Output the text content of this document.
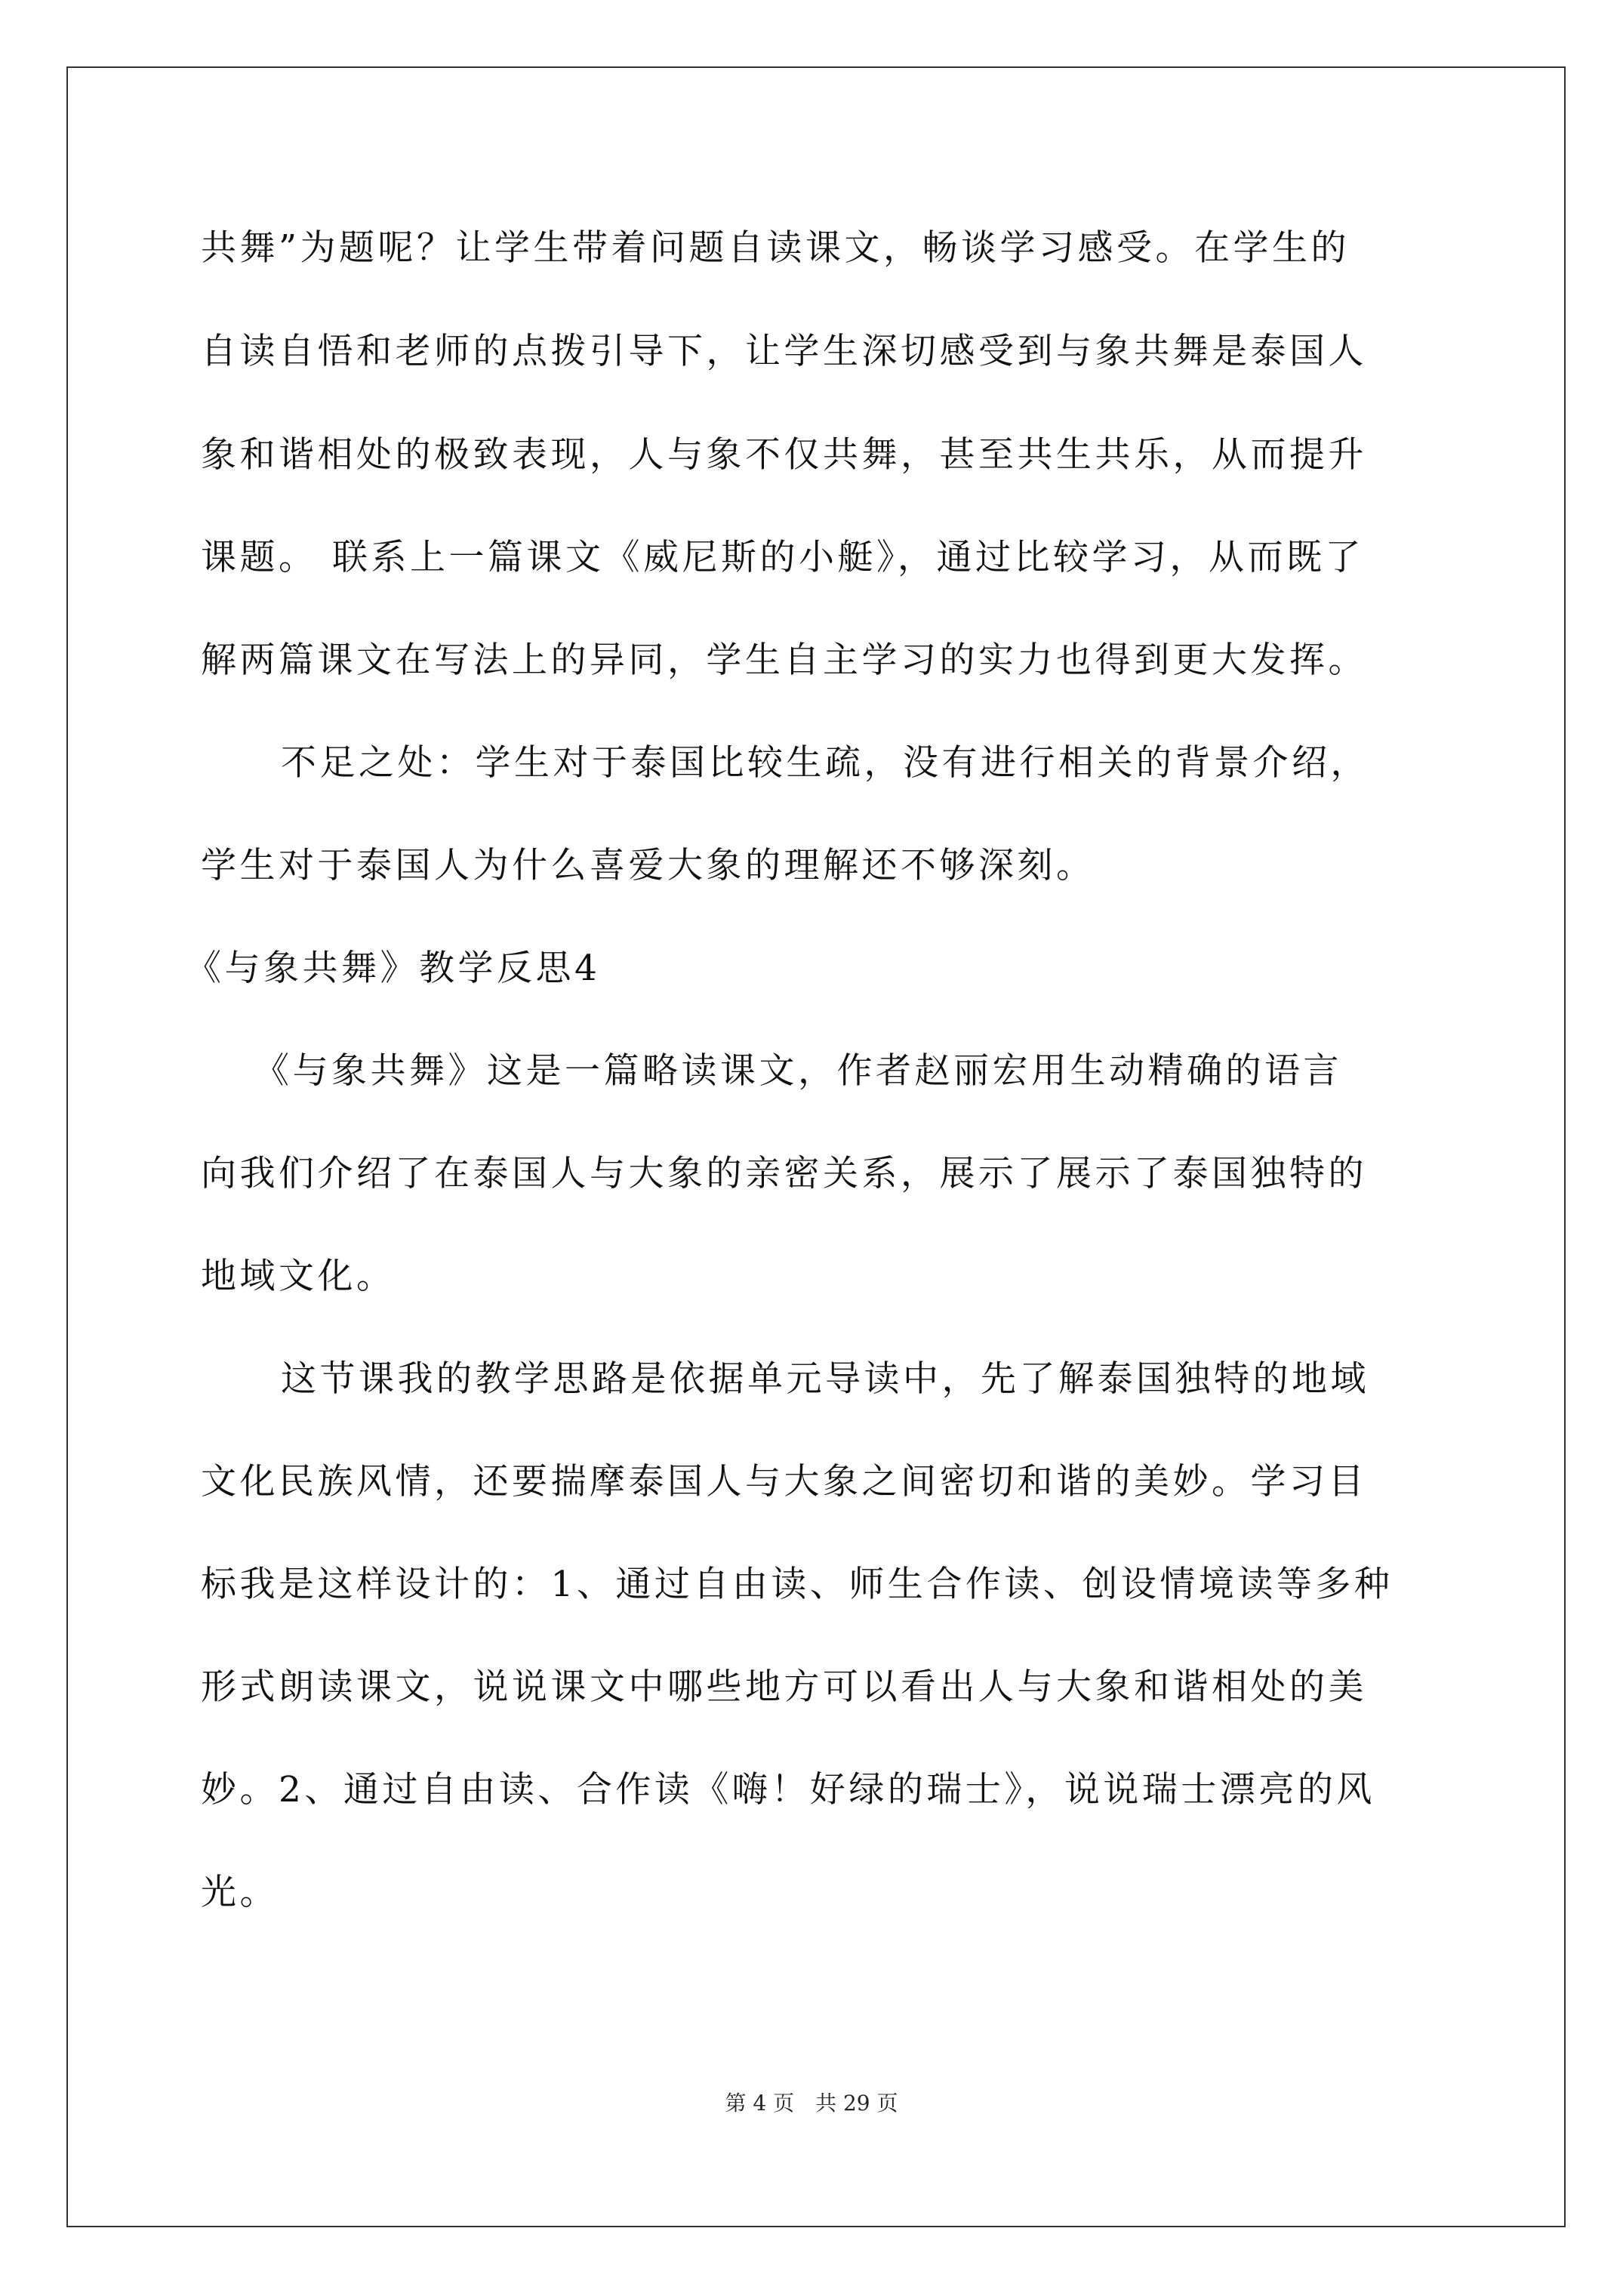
共舞”为题呢？让学生带着问题自读课文，畅谈学习感受。在学生的
自读自悟和老师的点拨引导下，让学生深切感受到与象共舞是泰国人
象和谐相处的极致表现，人与象不仅共舞，甚至共生共乐，从而提升
课题。 联系上一篇课文《威尼斯的小艇》，通过比较学习，从而既了
解两篇课文在写法上的异同，学生自主学习的实力也得到更大发挥。
不足之处：学生对于泰国比较生疏，没有进行相关的背景介绍，
学生对于泰国人为什么喜爱大象的理解还不够深刻。
《与象共舞》教学反思4
《与象共舞》这是一篇略读课文，作者赵丽宏用生动精确的语言
向我们介绍了在泰国人与大象的亲密关系，展示了展示了泰国独特的
地域文化。
这节课我的教学思路是依据单元导读中，先了解泰国独特的地域
文化民族风情，还要揣摩泰国人与大象之间密切和谐的美妙。学习目
标我是这样设计的：1、通过自由读、师生合作读、创设情境读等多种
形式朗读课文，说说课文中哪些地方可以看出人与大象和谐相处的美
妙。2、通过自由读、合作读《嗨！好绿的瑞士》，说说瑞士漂亮的风
光。
第 4 页　共 29 页
